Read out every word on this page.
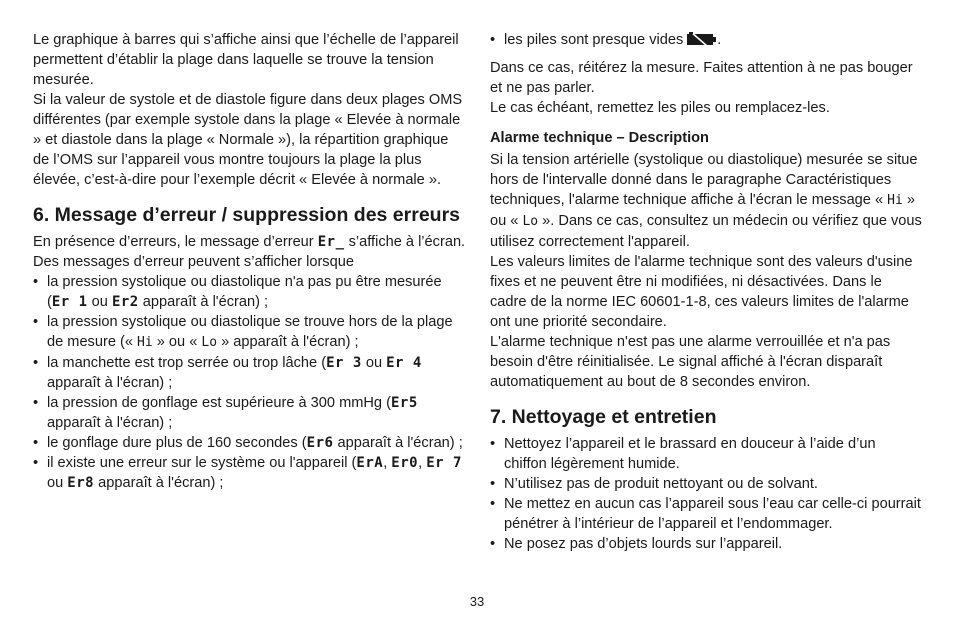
Le graphique à barres qui s’affiche ainsi que l’échelle de l’appareil permettent d’établir la plage dans laquelle se trouve la tension mesurée.

Si la valeur de systole et de diastole figure dans deux plages OMS différentes (par exemple systole dans la plage « Elevée à normale » et diastole dans la plage « Normale »), la répartition graphique de l’OMS sur l’appareil vous montre toujours la plage la plus élevée, c’est-à-dire pour l’exemple décrit « Elevée à normale ».

6. Message d’erreur / suppression des erreurs

En présence d’erreurs, le message d’erreur Er_ s’affiche à l’écran.

Des messages d’erreur peuvent s’afficher lorsque

• la pression systolique ou diastolique n'a pas pu être mesurée (Er 1 ou Er2 apparaît à l'écran) ;
• la pression systolique ou diastolique se trouve hors de la plage de mesure (« Hi » ou « Lo » apparaît à l'écran) ;
• la manchette est trop serrée ou trop lâche (Er 3 ou Er 4 apparaît à l'écran) ;
• la pression de gonflage est supérieure à 300 mmHg (Er5 apparaît à l'écran) ;
• le gonflage dure plus de 160 secondes (Er6 apparaît à l'écran) ;
• il existe une erreur sur le système ou l'appareil (ErA, Er0, Er 7 ou Er8 apparaît à l'écran) ;
• les piles sont presque vides .

Dans ce cas, réitérez la mesure. Faites attention à ne pas bouger et ne pas parler.

Le cas échéant, remettez les piles ou remplacez-les.

Alarme technique – Description

Si la tension artérielle (systolique ou diastolique) mesurée se situe hors de l'intervalle donné dans le paragraphe Caractéristiques techniques, l'alarme technique affiche à l'écran le message « Hi » ou « Lo ». Dans ce cas, consultez un médecin ou vérifiez que vous utilisez correctement l'appareil.

Les valeurs limites de l'alarme technique sont des valeurs d'usine fixes et ne peuvent être ni modifiées, ni désactivées. Dans le cadre de la norme IEC 60601-1-8, ces valeurs limites de l'alarme ont une priorité secondaire.

L'alarme technique n'est pas une alarme verrouillée et n'a pas besoin d'être réinitialisée. Le signal affiché à l'écran disparaît automatiquement au bout de 8 secondes environ.

7. Nettoyage et entretien
• Nettoyez l’appareil et le brassard en douceur à l’aide d’un chiffon légèrement humide.
• N’utilisez pas de produit nettoyant ou de solvant.
• Ne mettez en aucun cas l’appareil sous l’eau car celle-ci pourrait pénétrer à l’intérieur de l’appareil et l’endommager.
• Ne posez pas d’objets lourds sur l’appareil.
33
